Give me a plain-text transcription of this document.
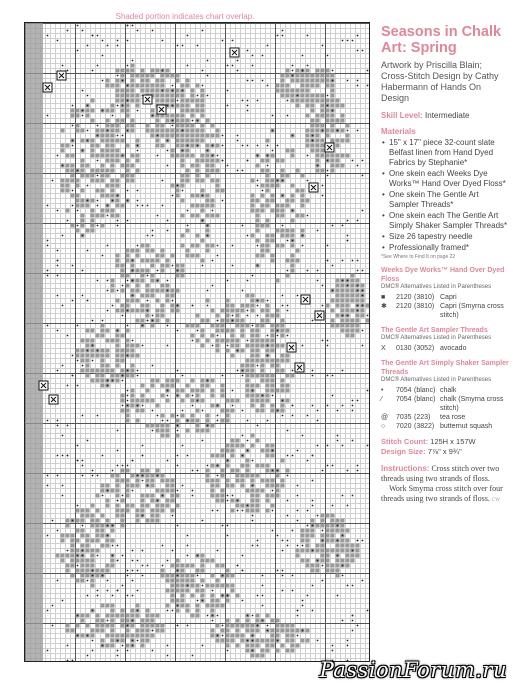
Shaded portion indicates chart overlap.
Seasons in Chalk Art: Spring
Artwork by Priscilla Blain; Cross-Stitch Design by Cathy Habermann of Hands On Design
Skill Level: Intermediate
Materials
• 15" x 17" piece 32-count slate Belfast linen from Hand Dyed Fabrics by Stephanie*
• One skein each Weeks Dye Works™ Hand Over Dyed Floss*
• One skein The Gentle Art Sampler Threads*
• One skein each The Gentle Art Simply Shaker Sampler Threads*
• Size 26 tapestry needle
• Professionally framed*
*See Where to Find It on page 22
Weeks Dye Works™ Hand Over Dyed Floss
DMC® Alternatives Listed in Parentheses
■	2120 (3810) Capri
✱	2120 (3810) Capri (Smyrna cross stitch)
The Gentle Art Sampler Threads
DMC® Alternatives Listed in Parentheses
X	0130 (3052) avocado
The Gentle Art Simply Shaker Sampler Threads
DMC® Alternatives Listed in Parentheses
•	7054 (blanc) chalk
⁄	7054 (blanc) chalk (Smyrna cross stitch)
@	7035 (223)	tea rose
○	7020 (3822) butternut squash
Stitch Count: 125H x 157W
Design Size: 7⅞" x 9¾"
Instructions: Cross stitch over two threads using two strands of floss.
Work Smyrna cross stitch over four threads using two strands of floss. CW
PassionForum.ru
